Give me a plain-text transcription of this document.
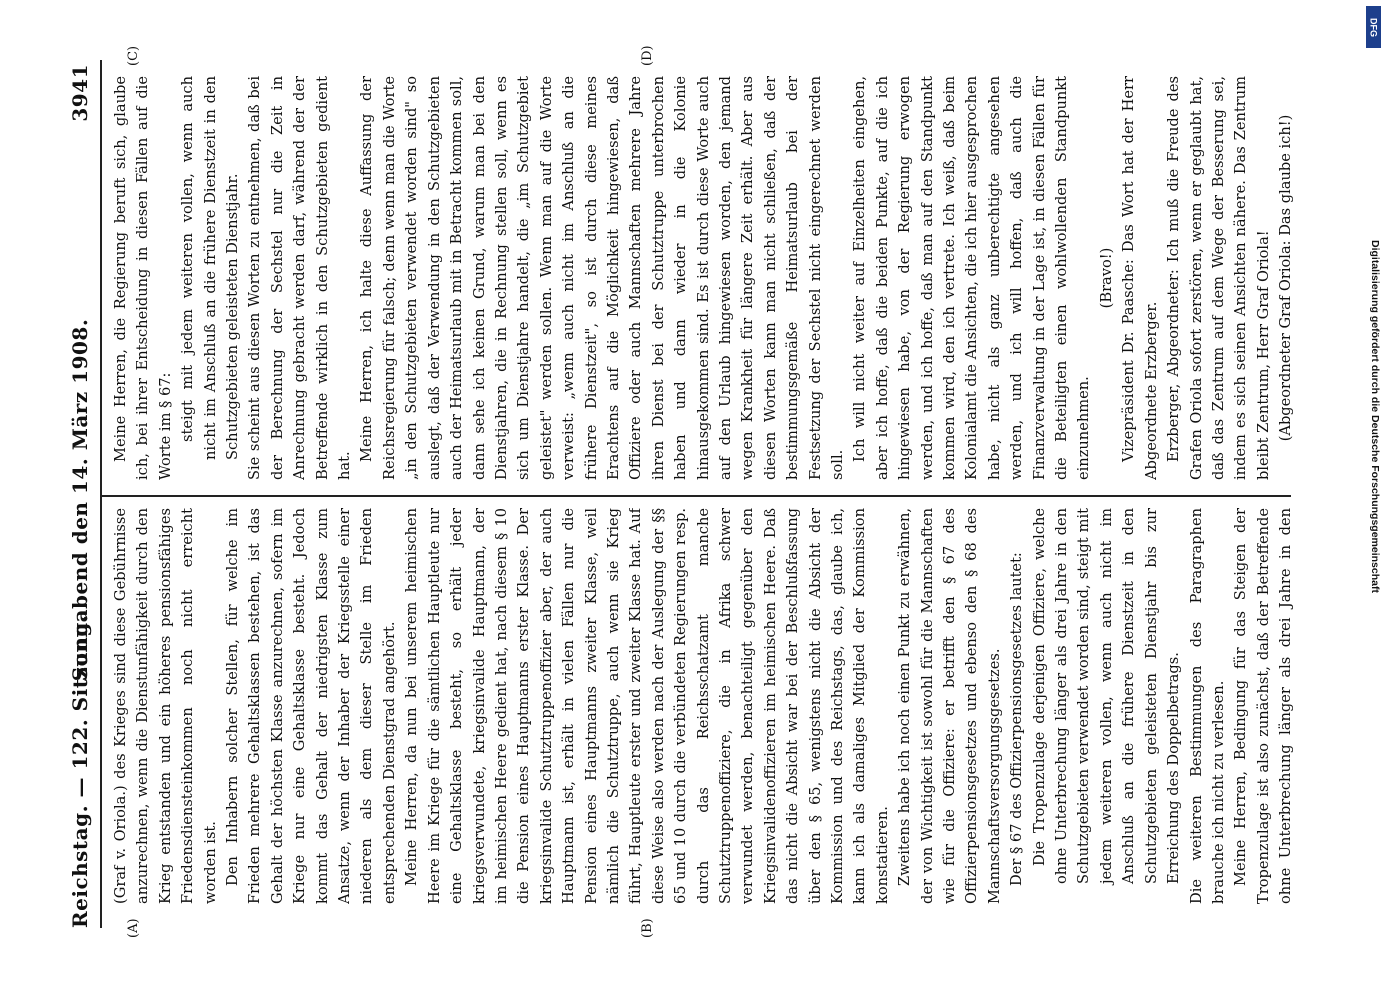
DFG
Digitalisierung gefördert durch die Deutsche Forschungsgemeinschaft
Reichstag. — 122. Sitzung.
Sonnabend den 14. März 1908.
3941
(A)	(B)
(C)	(D)

(Graf v. Oriola.) des Krieges sind diese Gebührnisse anzurechnen, wenn die Dienstunfähigkeit durch den Krieg entstanden und ein höheres pensionsfähiges Friedensdiensteinkommen noch nicht erreicht worden ist. Den Inhabern solcher Stellen, für welche im Frieden mehrere Gehaltsklassen bestehen, ist das Gehalt der höchsten Klasse anzurechnen, sofern im Kriege nur eine Gehaltsklasse besteht. Jedoch kommt das Gehalt der niedrigsten Klasse zum Ansatze, wenn der Inhaber der Kriegsstelle einer niederen als dem dieser Stelle im Frieden entsprechenden Dienstgrad angehört. Meine Herren, da nun bei unserem heimischen Heere im Kriege für die sämtlichen Hauptleute nur eine Gehaltsklasse besteht, so erhält jeder kriegsverwundete, kriegsinvalide Hauptmann, der im heimischen Heere gedient hat, nach diesem § 10 die Pension eines Hauptmanns erster Klasse. Der kriegsinvalide Schutztruppenoffizier aber, der auch Hauptmann ist, erhält in vielen Fällen nur die Pension eines Hauptmanns zweiter Klasse, weil nämlich die Schutztruppe, auch wenn sie Krieg führt, Hauptleute erster und zweiter Klasse hat. Auf diese Weise also werden nach der Auslegung der §§ 65 und 10 durch die verbündeten Regierungen resp. durch das Reichsschatzamt manche Schutztruppenoffiziere, die in Afrika schwer verwundet werden, benachteiligt gegenüber den Kriegsinvalidenoffizieren im heimischen Heere. Daß das nicht die Absicht war bei der Beschlußfassung über den § 65, wenigstens nicht die Absicht der Kommission und des Reichstags, das, glaube ich, kann ich als damaliges Mitglied der Kommission konstatieren. Zweitens habe ich noch einen Punkt zu erwähnen, der von Wichtigkeit ist sowohl für die Mannschaften wie für die Offiziere: er betrifft den § 67 des Offizierpensionsgesetzes und ebenso den § 68 des Mannschaftsversorgungsgesetzes. Der § 67 des Offizierpensionsgesetzes lautet: Die Tropenzulage derjenigen Offiziere, welche ohne Unterbrechung länger als drei Jahre in den Schutzgebieten verwendet worden sind, steigt mit jedem weiteren vollen, wenn auch nicht im Anschluß an die frühere Dienstzeit in den Schutzgebieten geleisteten Dienstjahr bis zur Erreichung des Doppelbetrags. Die weiteren Bestimmungen des Paragraphen brauche ich nicht zu verlesen. Meine Herren, Bedingung für das Steigen der Tropenzulage ist also zunächst, daß der Betreffende ohne Unterbrechung länger als drei Jahre in den

Meine Herren, die Regierung beruft sich, glaube ich, bei ihrer Entscheidung in diesen Fällen auf die Worte im § 67: steigt mit jedem weiteren vollen, wenn auch nicht im Anschluß an die frühere Dienstzeit in den Schutzgebieten geleisteten Dienstjahr. Sie scheint aus diesen Worten zu entnehmen, daß bei der Berechnung der Sechstel nur die Zeit in Anrechnung gebracht werden darf, während der der Betreffende wirklich in den Schutzgebieten gedient hat.

Meine Herren, ich halte diese Auffassung der Reichsregierung für falsch; denn wenn man die Worte „in den Schutzgebieten verwendet worden sind" so auslegt, daß der Verwendung in den Schutzgebieten auch der Heimatsurlaub mit in Betracht kommen soll, dann sehe ich keinen Grund, warum man bei den Dienstjahren, die in Rechnung stellen soll, wenn es sich um Dienstjahre handelt, die „im Schutzgebiet geleistet" werden sollen. Wenn man auf die Worte verweist: „wenn auch nicht im Anschluß an die frühere Dienstzeit", so ist durch diese meines Erachtens auf die Möglichkeit hingewiesen, daß Offiziere oder auch Mannschaften mehrere Jahre ihren Dienst bei der Schutztruppe unterbrochen haben und dann wieder in die Kolonie hinausgekommen sind. Es ist durch diese Worte auch auf den Urlaub hingewiesen worden, den jemand wegen Krankheit für längere Zeit erhält. Aber aus diesen Worten kann man nicht schließen, daß der bestimmungsgemäße Heimatsurlaub bei der Festsetzung der Sechstel nicht eingerechnet werden soll.

Ich will nicht weiter auf Einzelheiten eingehen, aber ich hoffe, daß die beiden Punkte, auf die ich hingewiesen habe, von der Regierung erwogen werden, und ich hoffe, daß man auf den Standpunkt kommen wird, den ich vertrete. Ich weiß, daß beim Kolonialamt die Ansichten, die ich hier ausgesprochen habe, nicht als ganz unberechtigte angesehen werden, und ich will hoffen, daß auch die Finanzverwaltung in der Lage ist, in diesen Fällen für die Beteiligten einen wohlwollenden Standpunkt einzunehmen.

(Bravo!) Vizepräsident Dr. Paasche: Das Wort hat der Herr Abgeordnete Erzberger. Erzberger, Abgeordneter: Ich muß die Freude des Grafen Oriola sofort zerstören, wenn er geglaubt hat, daß das Zentrum auf dem Wege der Besserung sei, indem es sich seinen Ansichten nähere. Das Zentrum bleibt Zentrum, Herr Graf Oriola! (Abgeordneter Graf Oriola: Das glaube ich!)
